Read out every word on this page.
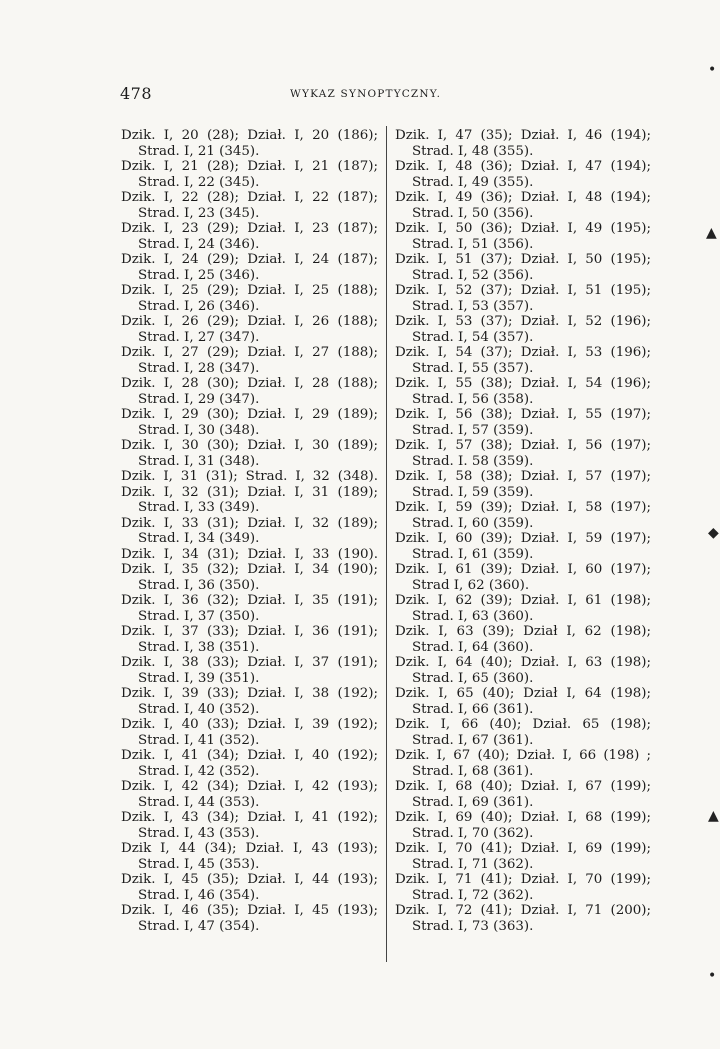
478	WYKAZ SYNOPTYCZNY.
Dzik. I, 20 (28); Dział. I, 20 (186);
Strad. I, 21 (345).
Dzik. I, 21 (28); Dział. I, 21 (187);
Strad. I, 22 (345).
Dzik. I, 22 (28); Dział. I, 22 (187);
Strad. I, 23 (345).
Dzik. I, 23 (29); Dział. I, 23 (187);
Strad. I, 24 (346).
Dzik. I, 24 (29); Dział. I, 24 (187);
Strad. I, 25 (346).
Dzik. I, 25 (29); Dział. I, 25 (188);
Strad. I, 26 (346).
Dzik. I, 26 (29); Dział. I, 26 (188);
Strad. I, 27 (347).
Dzik. I, 27 (29); Dział. I, 27 (188);
Strad. I, 28 (347).
Dzik. I, 28 (30); Dział. I, 28 (188);
Strad. I, 29 (347).
Dzik. I, 29 (30); Dział. I, 29 (189);
Strad. I, 30 (348).
Dzik. I, 30 (30); Dział. I, 30 (189);
Strad. I, 31 (348).
Dzik. I, 31 (31); Strad. I, 32 (348).
Dzik. I, 32 (31); Dział. I, 31 (189);
Strad. I, 33 (349).
Dzik. I, 33 (31); Dział. I, 32 (189);
Strad. I, 34 (349).
Dzik. I, 34 (31); Dział. I, 33 (190).
Dzik. I, 35 (32); Dział. I, 34 (190);
Strad. I, 36 (350).
Dzik. I, 36 (32); Dział. I, 35 (191);
Strad. I, 37 (350).
Dzik. I, 37 (33); Dział. I, 36 (191);
Strad. I, 38 (351).
Dzik. I, 38 (33); Dział. I, 37 (191);
Strad. I, 39 (351).
Dzik. I, 39 (33); Dział. I, 38 (192);
Strad. I, 40 (352).
Dzik. I, 40 (33); Dział. I, 39 (192);
Strad. I, 41 (352).
Dzik. I, 41 (34); Dział. I, 40 (192);
Strad. I, 42 (352).
Dzik. I, 42 (34); Dział. I, 42 (193);
Strad. I, 44 (353).
Dzik. I, 43 (34); Dział. I, 41 (192);
Strad. I, 43 (353).
Dzik I, 44 (34); Dział. I, 43 (193);
Strad. I, 45 (353).
Dzik. I, 45 (35); Dział. I, 44 (193);
Strad. I, 46 (354).
Dzik. I, 46 (35); Dział. I, 45 (193);
Strad. I, 47 (354).
Dzik. I, 47 (35); Dział. I, 46 (194);
Strad. I, 48 (355).
Dzik. I, 48 (36); Dział. I, 47 (194);
Strad. I, 49 (355).
Dzik. I, 49 (36); Dział. I, 48 (194);
Strad. I, 50 (356).
Dzik. I, 50 (36); Dział. I, 49 (195);
Strad. I, 51 (356).
Dzik. I, 51 (37); Dział. I, 50 (195);
Strad. I, 52 (356).
Dzik. I, 52 (37); Dział. I, 51 (195);
Strad. I, 53 (357).
Dzik. I, 53 (37); Dział. I, 52 (196);
Strad. I, 54 (357).
Dzik. I, 54 (37); Dział. I, 53 (196);
Strad. I, 55 (357).
Dzik. I, 55 (38); Dział. I, 54 (196);
Strad. I, 56 (358).
Dzik. I, 56 (38); Dział. I, 55 (197);
Strad. I, 57 (359).
Dzik. I, 57 (38); Dział. I, 56 (197);
Strad. I. 58 (359).
Dzik. I, 58 (38); Dział. I, 57 (197);
Strad. I, 59 (359).
Dzik. I, 59 (39); Dział. I, 58 (197);
Strad. I, 60 (359).
Dzik. I, 60 (39); Dział. I, 59 (197);
Strad. I, 61 (359).
Dzik. I, 61 (39); Dział. I, 60 (197);
Strad I, 62 (360).
Dzik. I, 62 (39); Dział. I, 61 (198);
Strad. I, 63 (360).
Dzik. I, 63 (39); Dział I, 62 (198);
Strad. I, 64 (360).
Dzik. I, 64 (40); Dział. I, 63 (198);
Strad. I, 65 (360).
Dzik. I, 65 (40); Dział I, 64 (198);
Strad. I, 66 (361).
Dzik. I, 66 (40); Dział. 65 (198);
Strad. I, 67 (361).
Dzik. I, 67 (40); Dział. I, 66 (198) ;
Strad. I, 68 (361).
Dzik. I, 68 (40); Dział. I, 67 (199);
Strad. I, 69 (361).
Dzik. I, 69 (40); Dział. I, 68 (199);
Strad. I, 70 (362).
Dzik. I, 70 (41); Dział. I, 69 (199);
Strad. I, 71 (362).
Dzik. I, 71 (41); Dział. I, 70 (199);
Strad. I, 72 (362).
Dzik. I, 72 (41); Dział. I, 71 (200);
Strad. I, 73 (363).
•
▲
◆
▲
•
